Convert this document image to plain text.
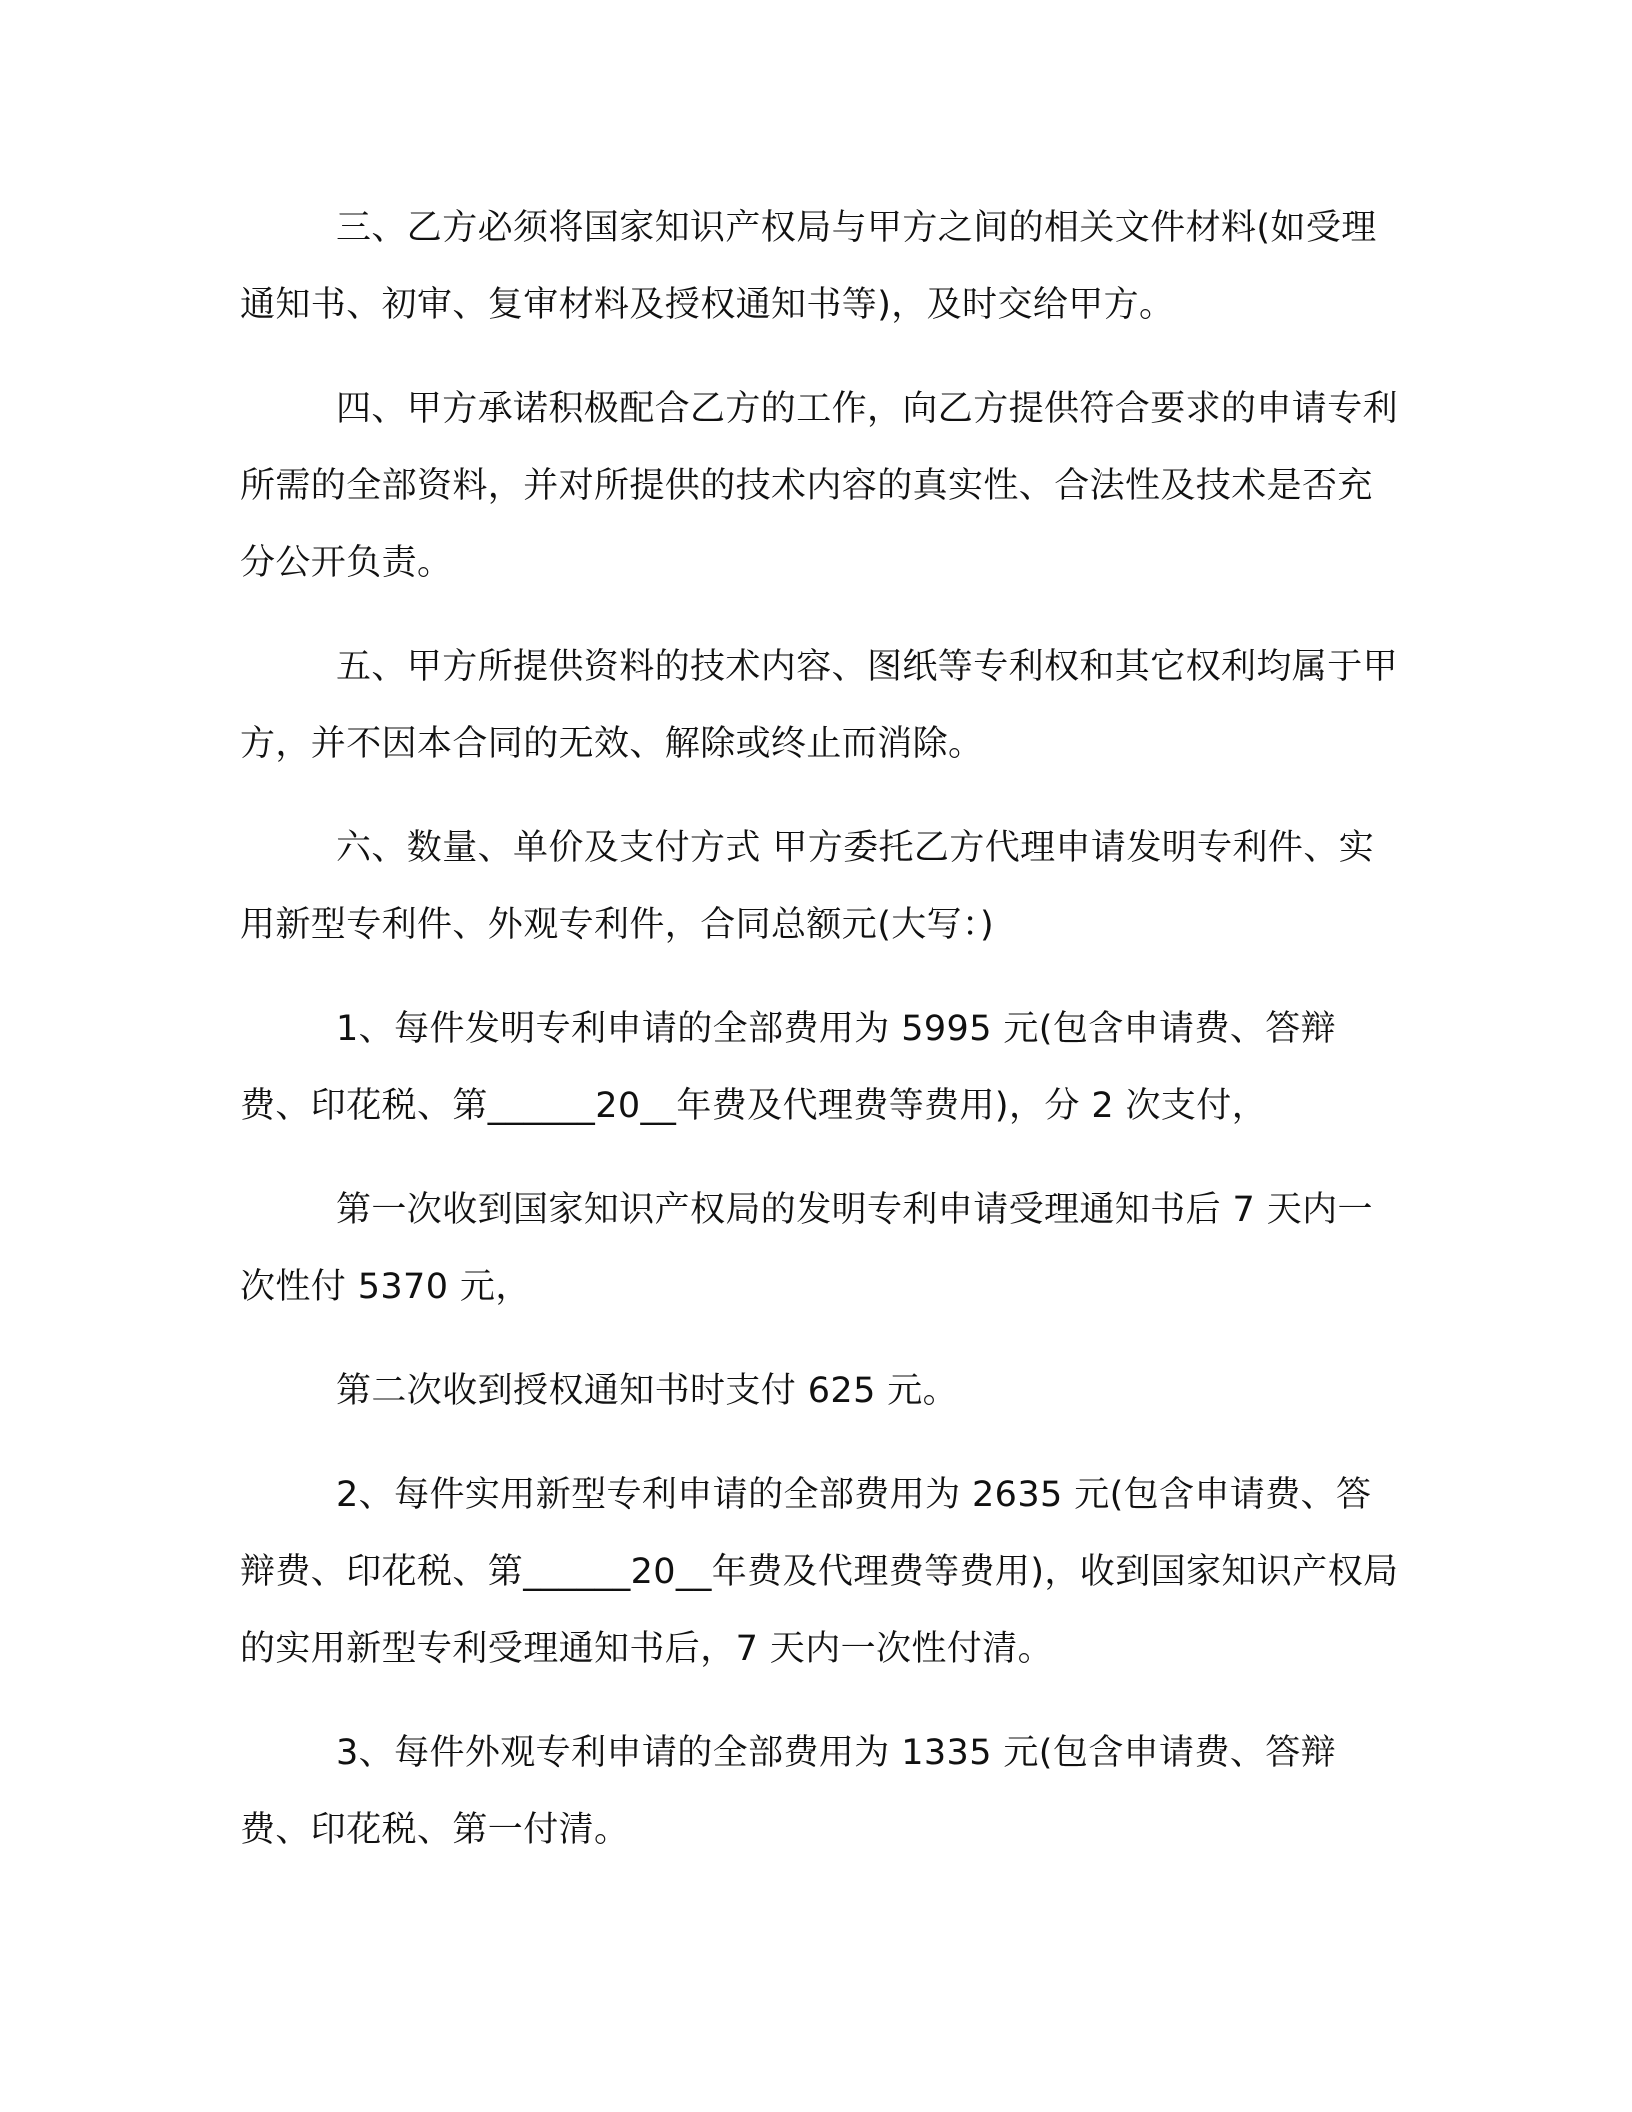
三、乙方必须将国家知识产权局与甲方之间的相关文件材料(如受理通知书、初审、复审材料及授权通知书等)，及时交给甲方。

四、甲方承诺积极配合乙方的工作，向乙方提供符合要求的申请专利所需的全部资料，并对所提供的技术内容的真实性、合法性及技术是否充分公开负责。

五、甲方所提供资料的技术内容、图纸等专利权和其它权利均属于甲方，并不因本合同的无效、解除或终止而消除。

六、数量、单价及支付方式 甲方委托乙方代理申请发明专利件、实用新型专利件、外观专利件，合同总额元(大写：)

1、每件发明专利申请的全部费用为 5995 元(包含申请费、答辩费、印花税、第______20__年费及代理费等费用)，分 2 次支付，

第一次收到国家知识产权局的发明专利申请受理通知书后 7 天内一次性付 5370 元，

第二次收到授权通知书时支付 625 元。

2、每件实用新型专利申请的全部费用为 2635 元(包含申请费、答辩费、印花税、第______20__年费及代理费等费用)，收到国家知识产权局的实用新型专利受理通知书后，7 天内一次性付清。

3、每件外观专利申请的全部费用为 1335 元(包含申请费、答辩费、印花税、第一付清。
